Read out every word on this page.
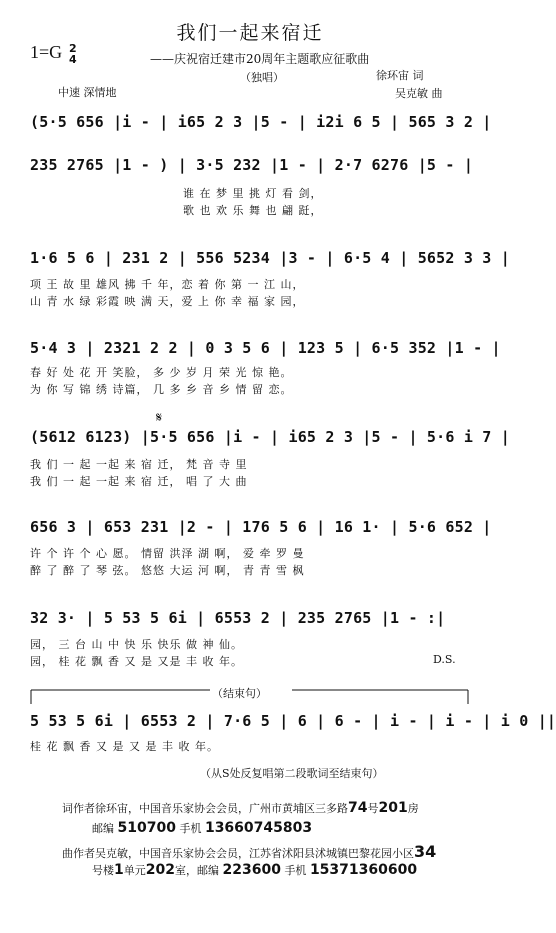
我们一起来宿迁
1=G 2
4	——庆祝宿迁建市20周年主题歌应征歌曲
（独唱）	徐环宙 词
吴克敏 曲
中速 深情地
(5·5 656 |i - | i65 2 3 |5 - | i2i 6 5 | 565 3 2 |
235 2765 |1 - ) | 3·5 232 |1 - | 2·7 6276 |5 - |
谁 在 梦 里 挑 灯 看 剑，
歌 也 欢 乐 舞 也 翩 跹，
1·6 5 6 | 231 2 | 556 5234 |3 - | 6·5 4 | 5652 3 3 |
项 王 故 里 雄风 拂 千 年，恋 着 你 第 一 江 山，
山 青 水 绿 彩霞 映 满 天，爱 上 你 幸 福 家 园，
5·4 3 | 2321 2 2 | 0 3 5 6 | 123 5 | 6·5 352 |1 - |
春 好 处 花 开 笑脸， 多 少 岁 月 荣 光 惊 艳。
为 你 写 锦 绣 诗篇， 几 多 乡 音 乡 情 留 恋。
𝄋
(5612 6123) |5·5 656 |i - | i65 2 3 |5 - | 5·6 i 7 |
我 们 一 起 一起 来 宿 迁， 梵 音 寺 里
我 们 一 起 一起 来 宿 迁， 唱 了 大 曲
656 3 | 653 231 |2 - | 176 5 6 | 16 1· | 5·6 652 |
许 个 许 个 心 愿。 情留 洪泽 湖 啊， 爱 牵 罗 曼
醉 了 醉 了 琴 弦。 悠悠 大运 河 啊， 青 青 雪 枫
32 3· | 5 53 5 6i | 6553 2 | 235 2765 |1 - :|
园， 三 台 山 中 快 乐 快乐 做 神 仙。
园， 桂 花 飘 香 又 是 又是 丰 收 年。	D.S.
（结束句）
5 53 5 6i | 6553 2 | 7·6 5 | 6 | 6 - | i - | i - | i 0 ||
桂 花 飘 香 又 是 又 是 丰 收 年。
（从S处反复唱第二段歌词至结束句）
词作者徐环宙，中国音乐家协会会员，广州市黄埔区三多路74号201房
邮编 510700 手机 13660745803
曲作者吴克敏，中国音乐家协会会员，江苏省沭阳县沭城镇巴黎花园小区34
号楼1单元202室，邮编 223600 手机 15371360600
